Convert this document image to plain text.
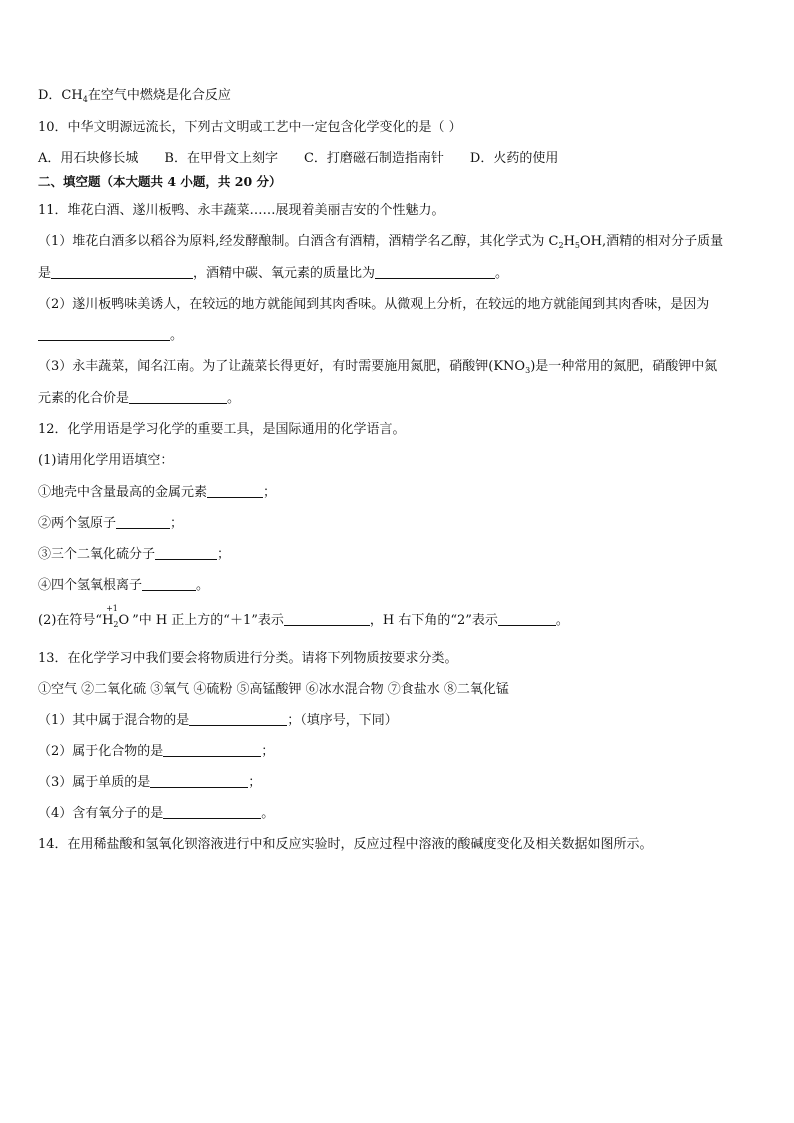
D．$CH_4$在空气中燃烧是化合反应
10．中华文明源远流长，下列古文明或工艺中一定包含化学变化的是（ ）
A．用石块修长城 B．在甲骨文上刻字 C．打磨磁石制造指南针 D．火药的使用
二、填空题（本大题共 4 小题，共 20 分）
11．堆花白酒、遂川板鸭、永丰蔬菜……展现着美丽吉安的个性魅力。
（1）堆花白酒多以稻谷为原料,经发酵酿制。白酒含有酒精，酒精学名乙醇，其化学式为 $C_2H_5OH$,酒精的相对分子质量
是	，酒精中碳、氧元素的质量比为	。
（2）遂川板鸭味美诱人，在较远的地方就能闻到其肉香味。从微观上分析，在较远的地方就能闻到其肉香味，是因为
。
（3）永丰蔬菜，闻名江南。为了让蔬菜长得更好，有时需要施用氮肥，硝酸钾$(KNO_3)$是一种常用的氮肥，硝酸钾中氮
元素的化合价是	。
12．化学用语是学习化学的重要工具，是国际通用的化学语言。
(1)请用化学用语填空：
①地壳中含量最高的金属元素	；
②两个氢原子	；
③三个二氧化硫分子	；
④四个氢氧根离子	。
(2)在符号“
+1
$H_2O$ ”中 H 正上方的“＋1”表示	，H 右下角的“2”表示	。
13．在化学学习中我们要会将物质进行分类。请将下列物质按要求分类。
①空气 ②二氧化硫 ③氧气 ④硫粉 ⑤高锰酸钾 ⑥冰水混合物 ⑦食盐水 ⑧二氧化锰
（1）其中属于混合物的是	；（填序号，下同）
（2）属于化合物的是	；
（3）属于单质的是	；
（4）含有氧分子的是	。
14．在用稀盐酸和氢氧化钡溶液进行中和反应实验时，反应过程中溶液的酸碱度变化及相关数据如图所示。
